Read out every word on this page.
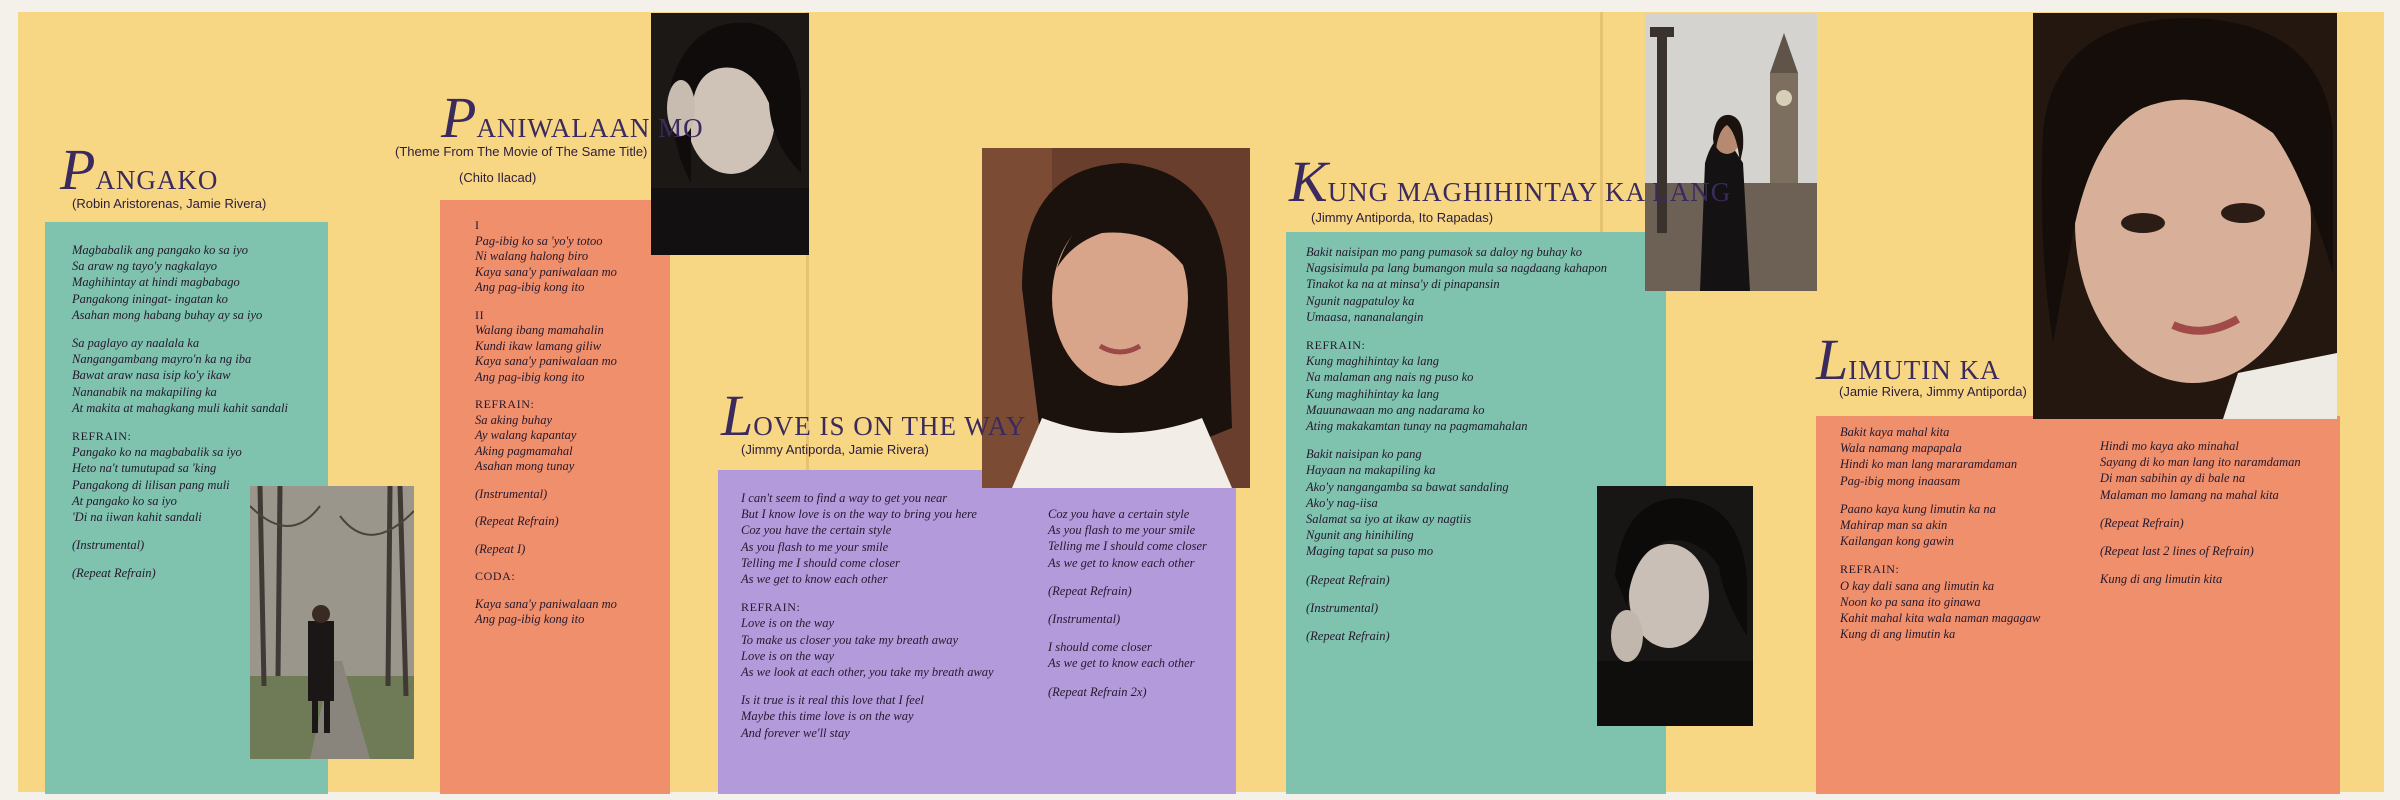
PANGAKO
(Robin Aristorenas, Jamie Rivera)
Magbabalik ang pangako ko sa iyo
Sa araw ng tayo'y nagkalayo
Maghihintay at hindi magbabago
Pangakong iningat- ingatan ko
Asahan mong habang buhay ay sa iyo
Sa paglayo ay naalala ka
Nangangambang mayro'n ka ng iba
Bawat araw nasa isip ko'y ikaw
Nananabik na makapiling ka
At makita at mahagkang muli kahit sandali
REFRAIN:
Pangako ko na magbabalik sa iyo
Heto na't tumutupad sa 'king
Pangakong di lilisan pang muli
At pangako ko sa iyo
'Di na iiwan kahit sandali
(Instrumental)
(Repeat Refrain)
PANIWALAAN MO
(Theme From The Movie of The Same Title)
(Chito Ilacad)
I
Pag-ibig ko sa 'yo'y totoo
Ni walang halong biro
Kaya sana'y paniwalaan mo
Ang pag-ibig kong ito
II
Walang ibang mamahalin
Kundi ikaw lamang giliw
Kaya sana'y paniwalaan mo
Ang pag-ibig kong ito
REFRAIN:
Sa aking buhay
Ay walang kapantay
Aking pagmamahal
Asahan mong tunay
(Instrumental)
(Repeat Refrain)
(Repeat I)
CODA:
Kaya sana'y paniwalaan mo
Ang pag-ibig kong ito
LOVE IS ON THE WAY
(Jimmy Antiporda, Jamie Rivera)
I can't seem to find a way to get you near
But I know love is on the way to bring you here
Coz you have the certain style
As you flash to me your smile
Telling me I should come closer
As we get to know each other
REFRAIN:
Love is on the way
To make us closer you take my breath away
Love is on the way
As we look at each other, you take my breath away
Is it true is it real this love that I feel
Maybe this time love is on the way
And forever we'll stay
Coz you have a certain style
As you flash to me your smile
Telling me I should come closer
As we get to know each other
(Repeat Refrain)
(Instrumental)
I should come closer
As we get to know each other
(Repeat Refrain 2x)
KUNG MAGHIHINTAY KA LANG
(Jimmy Antiporda, Ito Rapadas)
Bakit naisipan mo pang pumasok sa daloy ng buhay ko
Nagsisimula pa lang bumangon mula sa nagdaang kahapon
Tinakot ka na at minsa'y di pinapansin
Ngunit nagpatuloy ka
Umaasa, nananalangin
REFRAIN:
Kung maghihintay ka lang
Na malaman ang nais ng puso ko
Kung maghihintay ka lang
Mauunawaan mo ang nadarama ko
Ating makakamtan tunay na pagmamahalan
Bakit naisipan ko pang
Hayaan na makapiling ka
Ako'y nangangamba sa bawat sandaling
Ako'y nag-iisa
Salamat sa iyo at ikaw ay nagtiis
Ngunit ang hinihiling
Maging tapat sa puso mo
(Repeat Refrain)
(Instrumental)
(Repeat Refrain)
LIMUTIN KA
(Jamie Rivera, Jimmy Antiporda)
Bakit kaya mahal kita
Wala namang mapapala
Hindi ko man lang mararamdaman
Pag-ibig mong inaasam
Paano kaya kung limutin ka na
Mahirap man sa akin
Kailangan kong gawin
REFRAIN:
O kay dali sana ang limutin ka
Noon ko pa sana ito ginawa
Kahit mahal kita wala naman magagaw
Kung di ang limutin ka
Hindi mo kaya ako minahal
Sayang di ko man lang ito naramdaman
Di man sabihin ay di bale na
Malaman mo lamang na mahal kita
(Repeat Refrain)
(Repeat last 2 lines of Refrain)
Kung di ang limutin kita
